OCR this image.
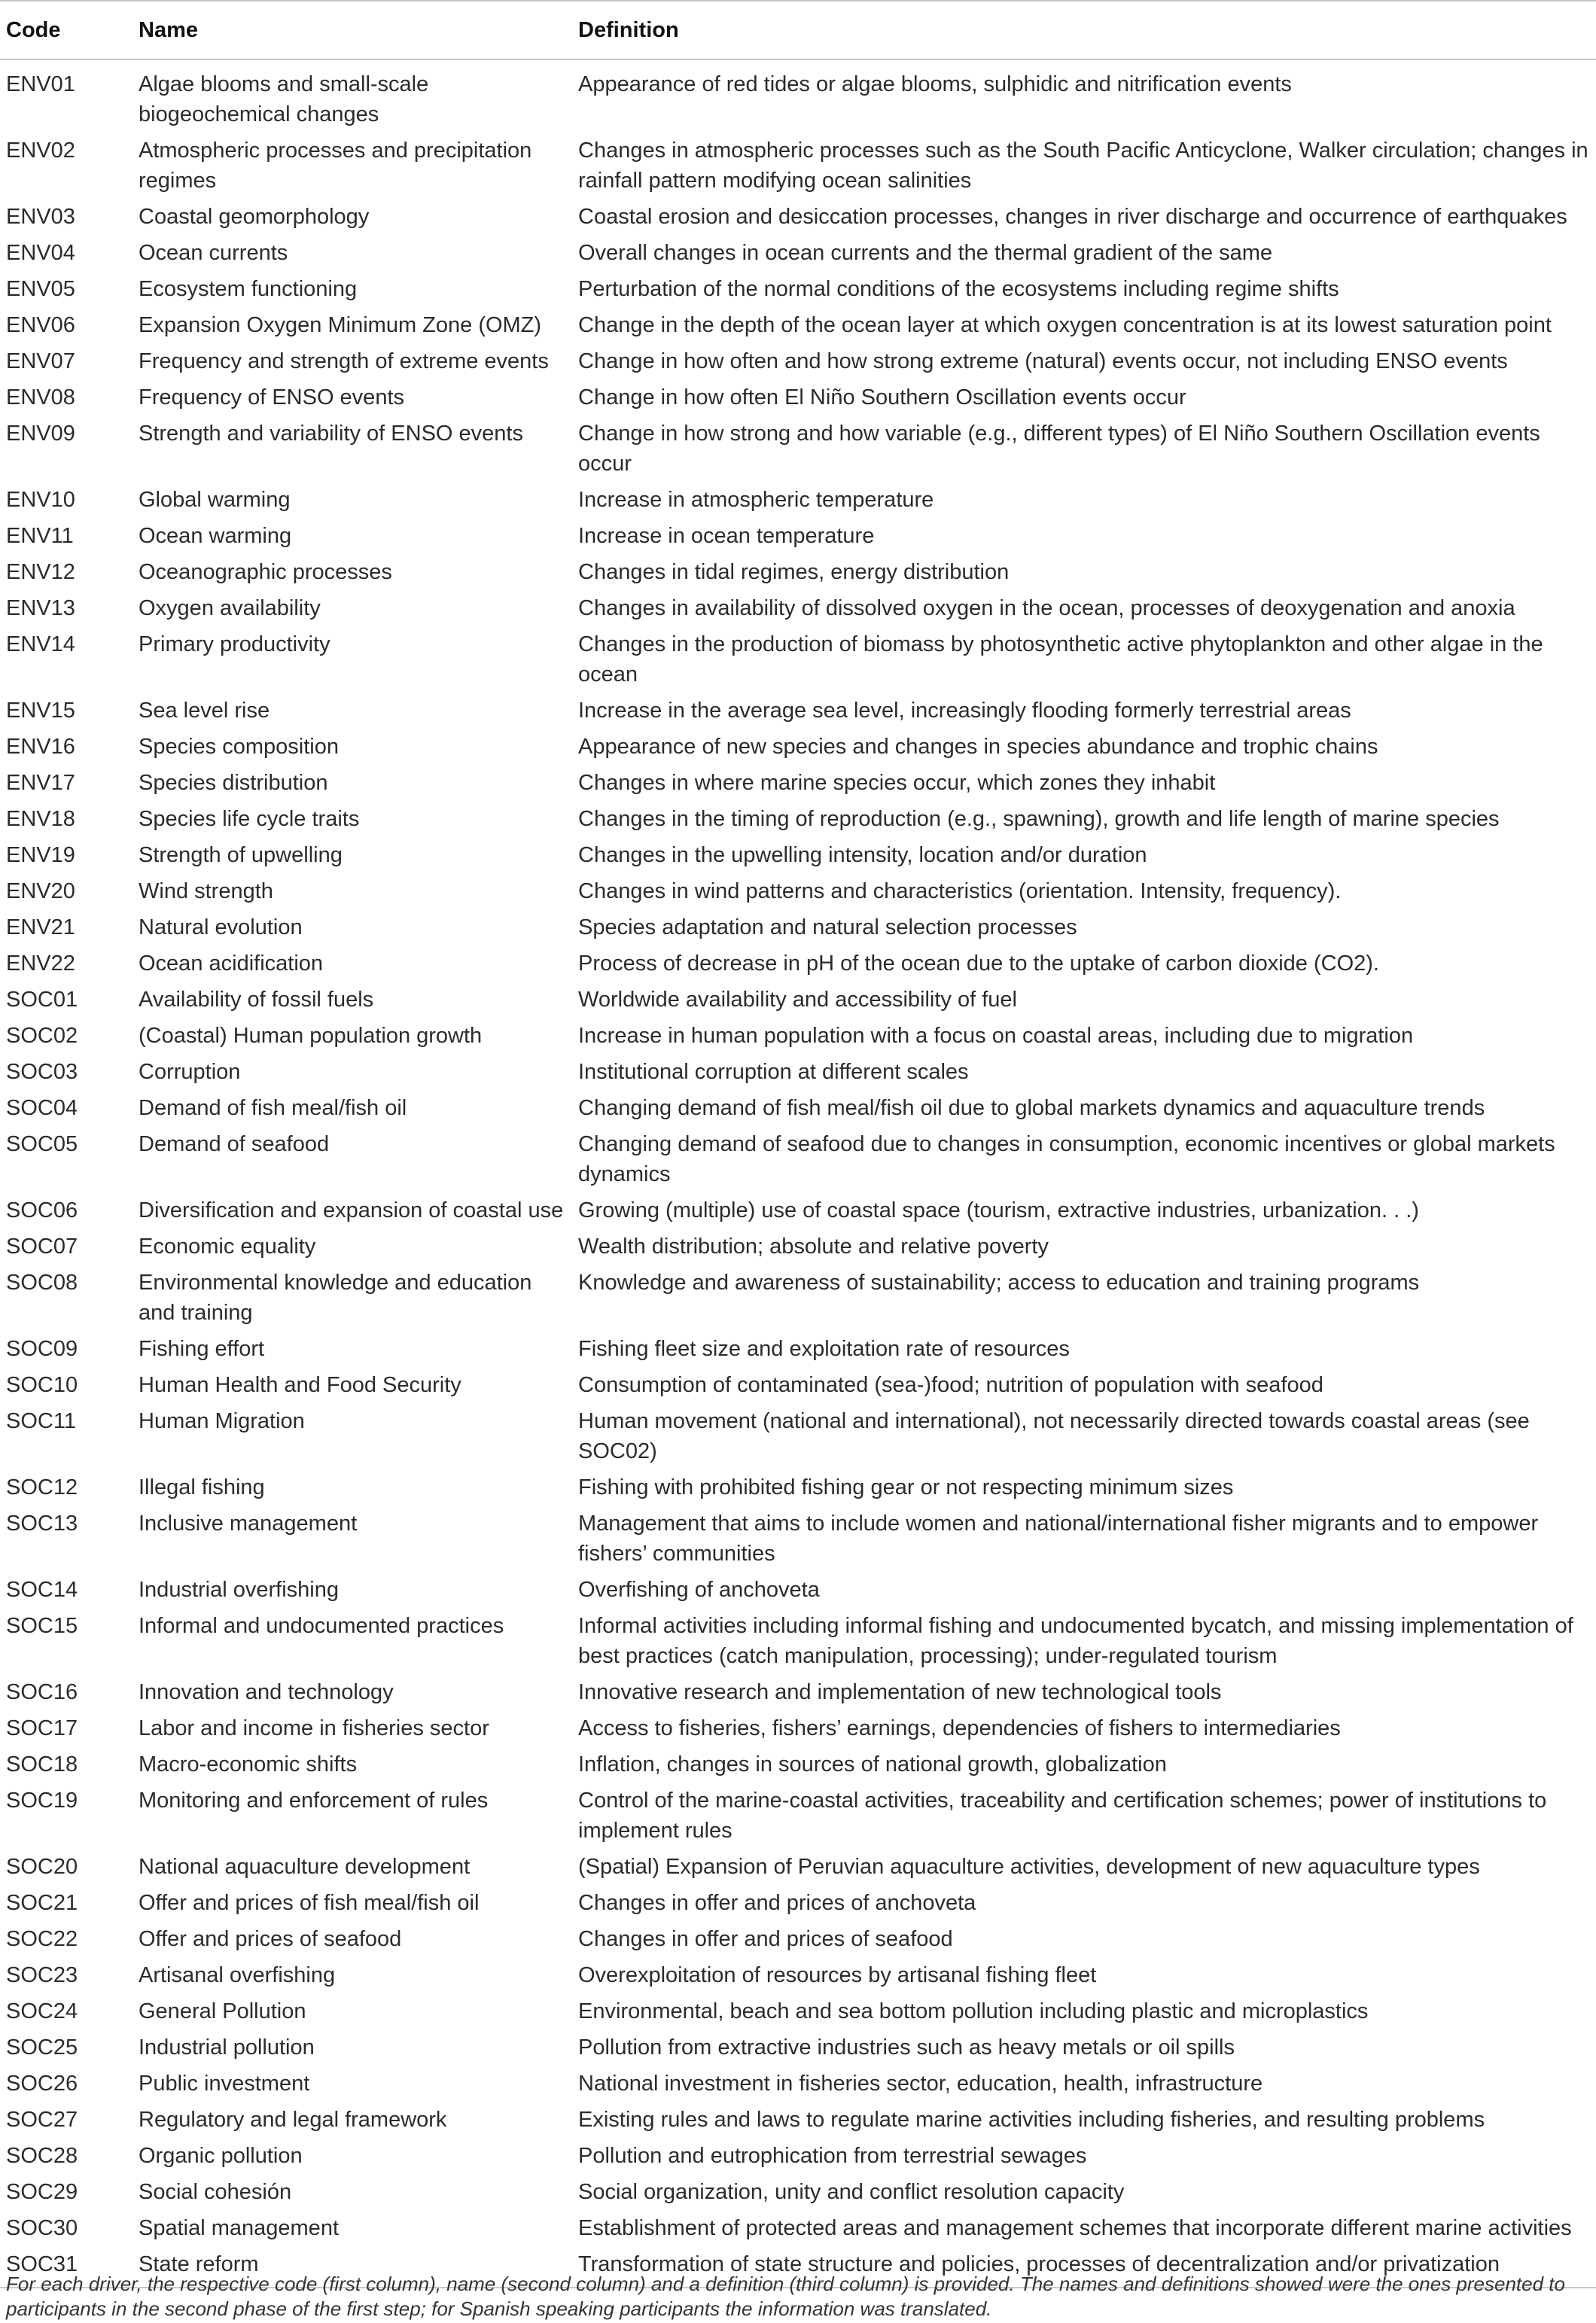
Code	Name	Definition
ENV01	Algae blooms and small-scale biogeochemical changes	Appearance of red tides or algae blooms, sulphidic and nitrification events
ENV02	Atmospheric processes and precipitation regimes	Changes in atmospheric processes such as the South Pacific Anticyclone, Walker circulation; changes in rainfall pattern modifying ocean salinities
ENV03	Coastal geomorphology	Coastal erosion and desiccation processes, changes in river discharge and occurrence of earthquakes
ENV04	Ocean currents	Overall changes in ocean currents and the thermal gradient of the same
ENV05	Ecosystem functioning	Perturbation of the normal conditions of the ecosystems including regime shifts
ENV06	Expansion Oxygen Minimum Zone (OMZ)	Change in the depth of the ocean layer at which oxygen concentration is at its lowest saturation point
ENV07	Frequency and strength of extreme events	Change in how often and how strong extreme (natural) events occur, not including ENSO events
ENV08	Frequency of ENSO events	Change in how often El Niño Southern Oscillation events occur
ENV09	Strength and variability of ENSO events	Change in how strong and how variable (e.g., different types) of El Niño Southern Oscillation events occur
ENV10	Global warming	Increase in atmospheric temperature
ENV11	Ocean warming	Increase in ocean temperature
ENV12	Oceanographic processes	Changes in tidal regimes, energy distribution
ENV13	Oxygen availability	Changes in availability of dissolved oxygen in the ocean, processes of deoxygenation and anoxia
ENV14	Primary productivity	Changes in the production of biomass by photosynthetic active phytoplankton and other algae in the ocean
ENV15	Sea level rise	Increase in the average sea level, increasingly flooding formerly terrestrial areas
ENV16	Species composition	Appearance of new species and changes in species abundance and trophic chains
ENV17	Species distribution	Changes in where marine species occur, which zones they inhabit
ENV18	Species life cycle traits	Changes in the timing of reproduction (e.g., spawning), growth and life length of marine species
ENV19	Strength of upwelling	Changes in the upwelling intensity, location and/or duration
ENV20	Wind strength	Changes in wind patterns and characteristics (orientation. Intensity, frequency).
ENV21	Natural evolution	Species adaptation and natural selection processes
ENV22	Ocean acidification	Process of decrease in pH of the ocean due to the uptake of carbon dioxide (CO2).
SOC01	Availability of fossil fuels	Worldwide availability and accessibility of fuel
SOC02	(Coastal) Human population growth	Increase in human population with a focus on coastal areas, including due to migration
SOC03	Corruption	Institutional corruption at different scales
SOC04	Demand of fish meal/fish oil	Changing demand of fish meal/fish oil due to global markets dynamics and aquaculture trends
SOC05	Demand of seafood	Changing demand of seafood due to changes in consumption, economic incentives or global markets dynamics
SOC06	Diversification and expansion of coastal use	Growing (multiple) use of coastal space (tourism, extractive industries, urbanization. . .)
SOC07	Economic equality	Wealth distribution; absolute and relative poverty
SOC08	Environmental knowledge and education and training	Knowledge and awareness of sustainability; access to education and training programs
SOC09	Fishing effort	Fishing fleet size and exploitation rate of resources
SOC10	Human Health and Food Security	Consumption of contaminated (sea-)food; nutrition of population with seafood
SOC11	Human Migration	Human movement (national and international), not necessarily directed towards coastal areas (see SOC02)
SOC12	Illegal fishing	Fishing with prohibited fishing gear or not respecting minimum sizes
SOC13	Inclusive management	Management that aims to include women and national/international fisher migrants and to empower fishers’ communities
SOC14	Industrial overfishing	Overfishing of anchoveta
SOC15	Informal and undocumented practices	Informal activities including informal fishing and undocumented bycatch, and missing implementation of best practices (catch manipulation, processing); under-regulated tourism
SOC16	Innovation and technology	Innovative research and implementation of new technological tools
SOC17	Labor and income in fisheries sector	Access to fisheries, fishers’ earnings, dependencies of fishers to intermediaries
SOC18	Macro-economic shifts	Inflation, changes in sources of national growth, globalization
SOC19	Monitoring and enforcement of rules	Control of the marine-coastal activities, traceability and certification schemes; power of institutions to implement rules
SOC20	National aquaculture development	(Spatial) Expansion of Peruvian aquaculture activities, development of new aquaculture types
SOC21	Offer and prices of fish meal/fish oil	Changes in offer and prices of anchoveta
SOC22	Offer and prices of seafood	Changes in offer and prices of seafood
SOC23	Artisanal overfishing	Overexploitation of resources by artisanal fishing fleet
SOC24	General Pollution	Environmental, beach and sea bottom pollution including plastic and microplastics
SOC25	Industrial pollution	Pollution from extractive industries such as heavy metals or oil spills
SOC26	Public investment	National investment in fisheries sector, education, health, infrastructure
SOC27	Regulatory and legal framework	Existing rules and laws to regulate marine activities including fisheries, and resulting problems
SOC28	Organic pollution	Pollution and eutrophication from terrestrial sewages
SOC29	Social cohesión	Social organization, unity and conflict resolution capacity
SOC30	Spatial management	Establishment of protected areas and management schemes that incorporate different marine activities
SOC31	State reform	Transformation of state structure and policies, processes of decentralization and/or privatization
For each driver, the respective code (first column), name (second column) and a definition (third column) is provided. The names and definitions showed were the ones presented to participants in the second phase of the first step; for Spanish speaking participants the information was translated.
